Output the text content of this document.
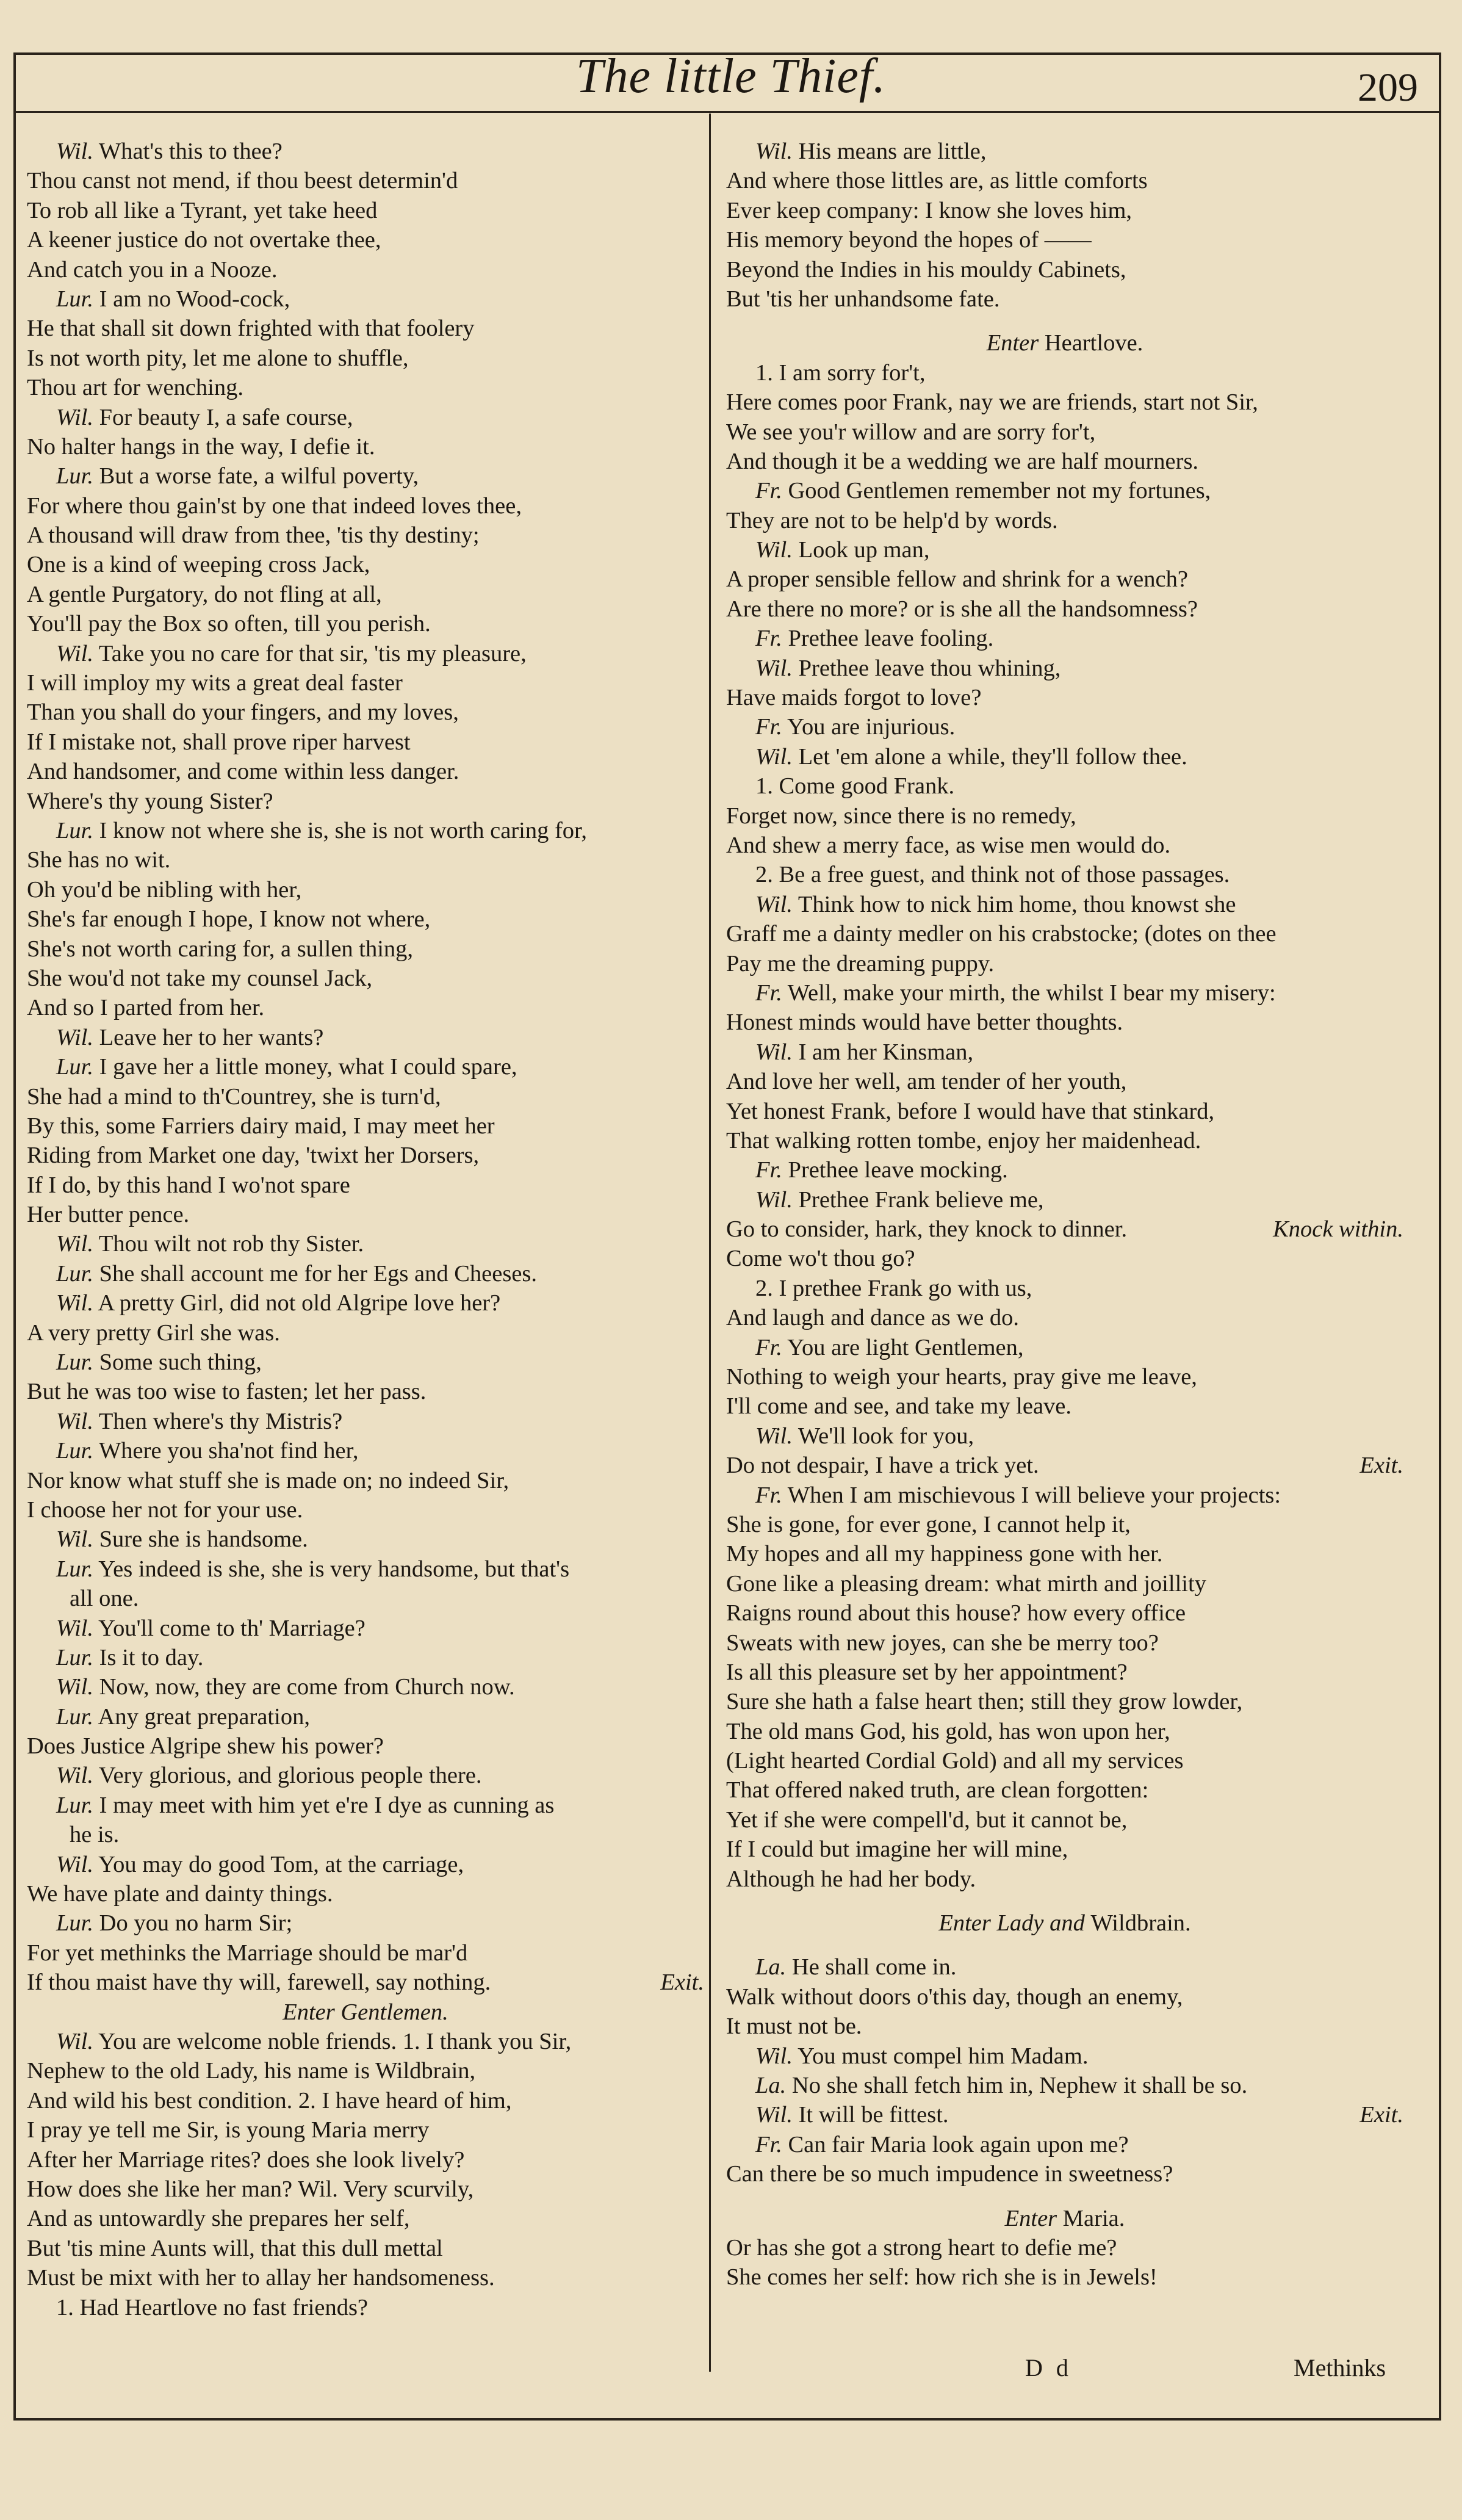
The little Thief.	209
Wil. What's this to thee?
Thou canst not mend, if thou beest determin'd
To rob all like a Tyrant, yet take heed
A keener justice do not overtake thee,
And catch you in a Nooze.
Lur. I am no Wood-cock,
He that shall sit down frighted with that foolery
Is not worth pity, let me alone to shuffle,
Thou art for wenching.
Wil. For beauty I, a safe course,
No halter hangs in the way, I defie it.
Lur. But a worse fate, a wilful poverty,
For where thou gain'st by one that indeed loves thee,
A thousand will draw from thee, 'tis thy destiny;
One is a kind of weeping cross Jack,
A gentle Purgatory, do not fling at all,
You'll pay the Box so often, till you perish.
Wil. Take you no care for that sir, 'tis my pleasure,
I will imploy my wits a great deal faster
Than you shall do your fingers, and my loves,
If I mistake not, shall prove riper harvest
And handsomer, and come within less danger.
Where's thy young Sister?
Lur. I know not where she is, she is not worth caring for,
She has no wit.
Oh you'd be nibling with her,
She's far enough I hope, I know not where,
She's not worth caring for, a sullen thing,
She wou'd not take my counsel Jack,
And so I parted from her.
Wil. Leave her to her wants?
Lur. I gave her a little money, what I could spare,
She had a mind to th'Countrey, she is turn'd,
By this, some Farriers dairy maid, I may meet her
Riding from Market one day, 'twixt her Dorsers,
If I do, by this hand I wo'not spare
Her butter pence.
Wil. Thou wilt not rob thy Sister.
Lur. She shall account me for her Egs and Cheeses.
Wil. A pretty Girl, did not old Algripe love her?
A very pretty Girl she was.
Lur. Some such thing,
But he was too wise to fasten; let her pass.
Wil. Then where's thy Mistris?
Lur. Where you sha'not find her,
Nor know what stuff she is made on; no indeed Sir,
I choose her not for your use.
Wil. Sure she is handsome.
Lur. Yes indeed is she, she is very handsome, but that's
all one.
Wil. You'll come to th' Marriage?
Lur. Is it to day.
Wil. Now, now, they are come from Church now.
Lur. Any great preparation,
Does Justice Algripe shew his power?
Wil. Very glorious, and glorious people there.
Lur. I may meet with him yet e're I dye as cunning as
he is.
Wil. You may do good Tom, at the carriage,
We have plate and dainty things.
Lur. Do you no harm Sir;
For yet methinks the Marriage should be mar'd
If thou maist have thy will, farewell, say nothing.	Exit.
Enter Gentlemen.
Wil. You are welcome noble friends. 1. I thank you Sir,
Nephew to the old Lady, his name is Wildbrain,
And wild his best condition. 2. I have heard of him,
I pray ye tell me Sir, is young Maria merry
After her Marriage rites? does she look lively?
How does she like her man? Wil. Very scurvily,
And as untowardly she prepares her self,
But 'tis mine Aunts will, that this dull mettal
Must be mixt with her to allay her handsomeness.
1. Had Heartlove no fast friends?
Wil. His means are little,
And where those littles are, as little comforts
Ever keep company: I know she loves him,
His memory beyond the hopes of ——
Beyond the Indies in his mouldy Cabinets,
But 'tis her unhandsome fate.
Enter Heartlove.
1. I am sorry for't,
Here comes poor Frank, nay we are friends, start not Sir,
We see you'r willow and are sorry for't,
And though it be a wedding we are half mourners.
Fr. Good Gentlemen remember not my fortunes,
They are not to be help'd by words.
Wil. Look up man,
A proper sensible fellow and shrink for a wench?
Are there no more? or is she all the handsomness?
Fr. Prethee leave fooling.
Wil. Prethee leave thou whining,
Have maids forgot to love?
Fr. You are injurious.
Wil. Let 'em alone a while, they'll follow thee.
1. Come good Frank.
Forget now, since there is no remedy,
And shew a merry face, as wise men would do.
2. Be a free guest, and think not of those passages.
Wil. Think how to nick him home, thou knowst she
Graff me a dainty medler on his crabstocke; (dotes on thee
Pay me the dreaming puppy.
Fr. Well, make your mirth, the whilst I bear my misery:
Honest minds would have better thoughts.
Wil. I am her Kinsman,
And love her well, am tender of her youth,
Yet honest Frank, before I would have that stinkard,
That walking rotten tombe, enjoy her maidenhead.
Fr. Prethee leave mocking.
Wil. Prethee Frank believe me,
Go to consider, hark, they knock to dinner.	Knock within.
Come wo't thou go?
2. I prethee Frank go with us,
And laugh and dance as we do.
Fr. You are light Gentlemen,
Nothing to weigh your hearts, pray give me leave,
I'll come and see, and take my leave.
Wil. We'll look for you,
Do not despair, I have a trick yet.	Exit.
Fr. When I am mischievous I will believe your projects:
She is gone, for ever gone, I cannot help it,
My hopes and all my happiness gone with her.
Gone like a pleasing dream: what mirth and joillity
Raigns round about this house? how every office
Sweats with new joyes, can she be merry too?
Is all this pleasure set by her appointment?
Sure she hath a false heart then; still they grow lowder,
The old mans God, his gold, has won upon her,
(Light hearted Cordial Gold) and all my services
That offered naked truth, are clean forgotten:
Yet if she were compell'd, but it cannot be,
If I could but imagine her will mine,
Although he had her body.
Enter Lady and Wildbrain.
La. He shall come in.
Walk without doors o'this day, though an enemy,
It must not be.
Wil. You must compel him Madam.
La. No she shall fetch him in, Nephew it shall be so.
Wil. It will be fittest.	Exit.
Fr. Can fair Maria look again upon me?
Can there be so much impudence in sweetness?
Enter Maria.
Or has she got a strong heart to defie me?
She comes her self: how rich she is in Jewels!
D d	Methinks
